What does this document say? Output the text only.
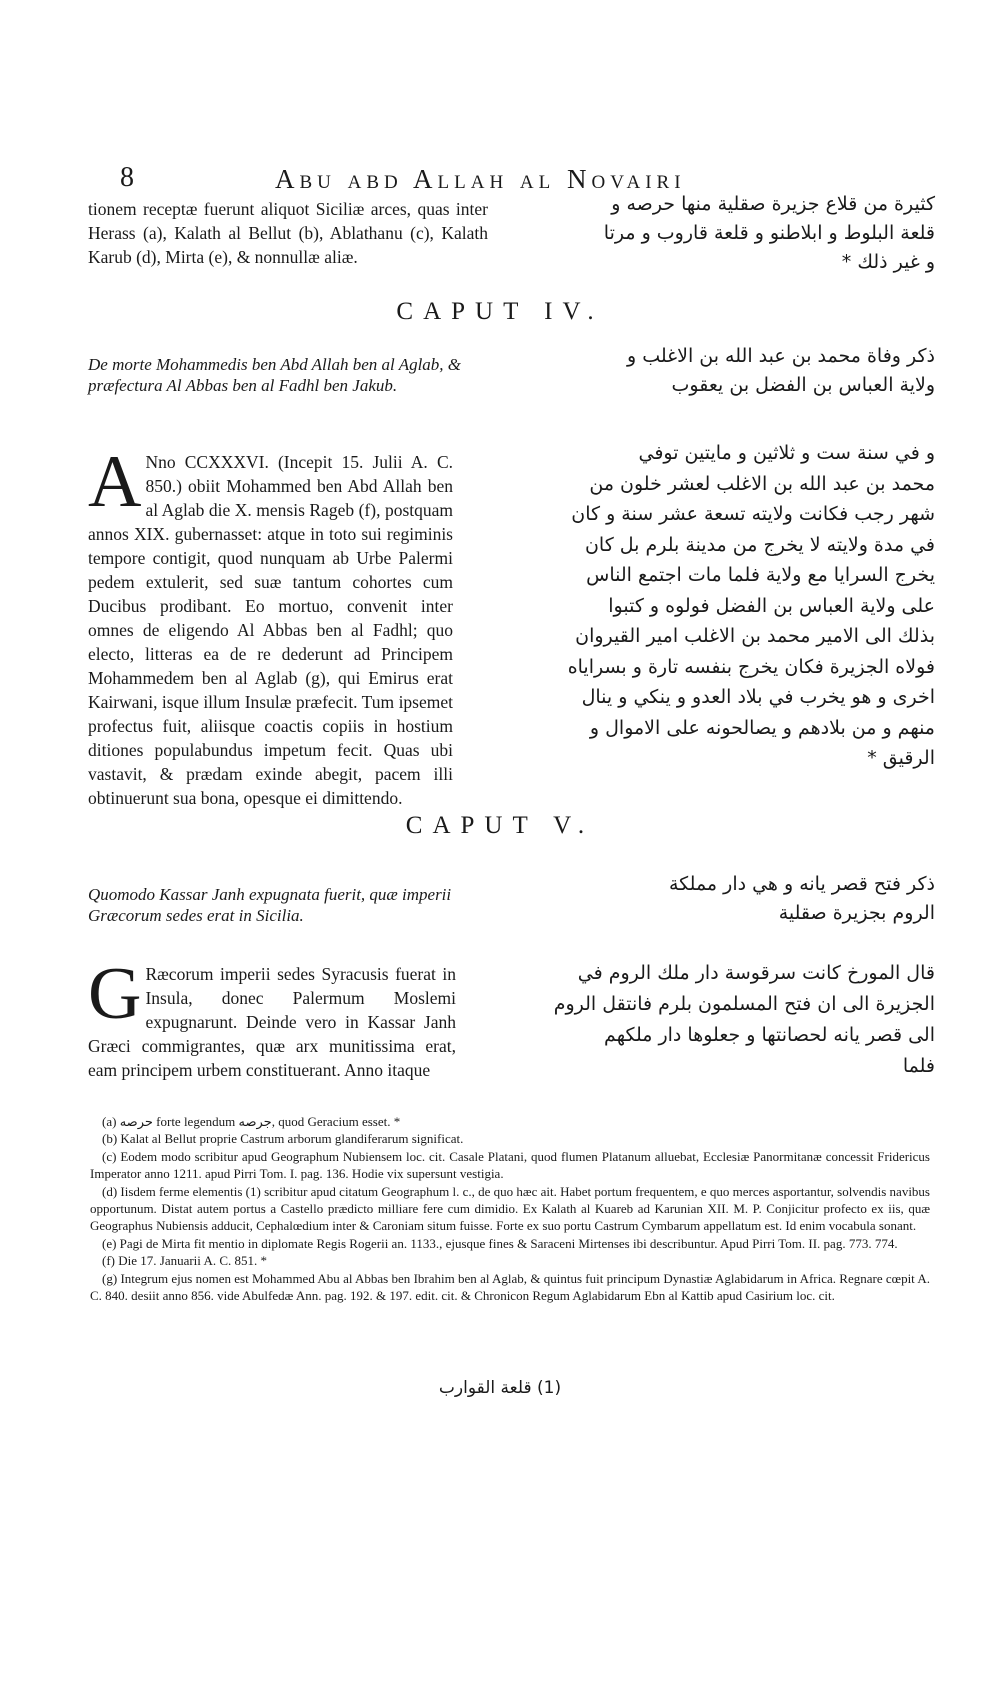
8	Abu abd Allah al Novairi
tionem receptæ fuerunt aliquot Siciliæ arces, quas inter Herass (a), Kalath al Bellut (b), Ablathanu (c), Kalath Karub (d), Mirta (e), & nonnullæ aliæ.
كثيرة من قلاع جزيرة صقلية منها حرصه و
قلعة البلوط و ابلاطنو و قلعة قاروب و مرتا
و غير ذلك *
CAPUT IV.
De morte Mohammedis ben Abd Allah ben al Aglab, & præfectura Al Abbas ben al Fadhl ben Jakub.
ذكر وفاة محمد بن عبد الله بن الاغلب و
ولاية العباس بن الفضل بن يعقوب
A Nno CCXXXVI. (Incepit 15. Julii A. C. 850.) obiit Mohammed ben Abd Allah ben al Aglab die X. mensis Rageb (f), postquam annos XIX. gubernasset: atque in toto sui regiminis tempore contigit, quod nunquam ab Urbe Palermi pedem extulerit, sed suæ tantum cohortes cum Ducibus prodibant. Eo mortuo, convenit inter omnes de eligendo Al Abbas ben al Fadhl; quo electo, litteras ea de re dederunt ad Principem Mohammedem ben al Aglab (g), qui Emirus erat Kairwani, isque illum Insulæ præfecit. Tum ipsemet profectus fuit, aliisque coactis copiis in hostium ditiones populabundus impetum fecit. Quas ubi vastavit, & prædam exinde abegit, pacem illi obtinuerunt sua bona, opesque ei dimittendo.
و في سنة ست و ثلاثين و مايتين توفي
محمد بن عبد الله بن الاغلب لعشر خلون من
شهر رجب فكانت ولايته تسعة عشر سنة و كان
في مدة ولايته لا يخرج من مدينة بلرم بل كان
يخرج السرايا مع ولاية فلما مات اجتمع الناس
على ولاية العباس بن الفضل فولوه و كتبوا
بذلك الى الامير محمد بن الاغلب امير القيروان
فولاه الجزيرة فكان يخرج بنفسه تارة و بسراياه
اخرى و هو يخرب في بلاد العدو و ينكي و ينال
منهم و من بلادهم و يصالحونه على الاموال و
الرقيق *
CAPUT V.
Quomodo Kassar Janh expugnata fuerit, quæ imperii Græcorum sedes erat in Sicilia.
ذكر فتح قصر يانه و هي دار مملكة
الروم بجزيرة صقلية
G Ræcorum imperii sedes Syracusis fuerat in Insula, donec Palermum Moslemi expugnarunt. Deinde vero in Kassar Janh Græci commigrantes, quæ arx munitissima erat, eam principem urbem constituerant. Anno itaque
قال المورخ كانت سرقوسة دار ملك الروم في
الجزيرة الى ان فتح المسلمون بلرم فانتقل الروم
الى قصر يانه لحصانتها و جعلوها دار ملكهم
فلما

(a) حرصه forte legendum جرصه, quod Geracium esset. *

(b) Kalat al Bellut proprie Castrum arborum glandiferarum significat.

(c) Eodem modo scribitur apud Geographum Nubiensem loc. cit. Casale Platani, quod flumen Platanum alluebat, Ecclesiæ Panormitanæ concessit Fridericus Imperator anno 1211. apud Pirri Tom. I. pag. 136. Hodie vix supersunt vestigia.

(d) Iisdem ferme elementis (1) scribitur apud citatum Geographum l. c., de quo hæc ait. Habet portum frequentem, e quo merces asportantur, solvendis navibus opportunum. Distat autem portus a Castello prædicto milliare fere cum dimidio. Ex Kalath al Kuareb ad Karunian XII. M. P. Conjicitur profecto ex iis, quæ Geographus Nubiensis adducit, Cephalœdium inter & Caroniam situm fuisse. Forte ex suo portu Castrum Cymbarum appellatum est. Id enim vocabula sonant.

(e) Pagi de Mirta fit mentio in diplomate Regis Rogerii an. 1133., ejusque fines & Saraceni Mirtenses ibi describuntur. Apud Pirri Tom. II. pag. 773. 774.

(f) Die 17. Januarii A. C. 851. *

(g) Integrum ejus nomen est Mohammed Abu al Abbas ben Ibrahim ben al Aglab, & quintus fuit principum Dynastiæ Aglabidarum in Africa. Regnare cœpit A. C. 840. desiit anno 856. vide Abulfedæ Ann. pag. 192. & 197. edit. cit. & Chronicon Regum Aglabidarum Ebn al Kattib apud Casirium loc. cit.

(1) قلعة القوارب
